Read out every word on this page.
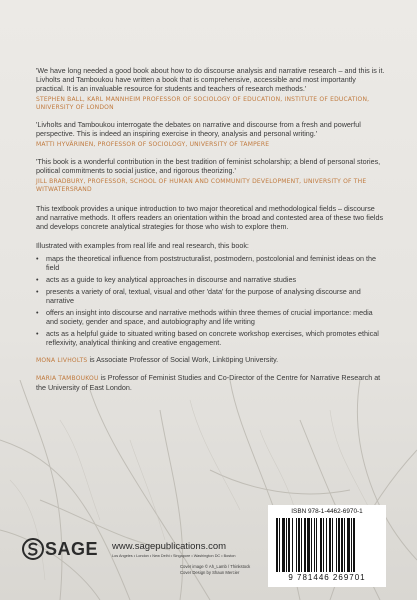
'We have long needed a good book about how to do discourse analysis and narrative research – and this is it. Livholts and Tamboukou have written a book that is comprehensive, accessible and most importantly practical. It is an invaluable resource for students and teachers of research methods.'

STEPHEN BALL, KARL MANNHEIM PROFESSOR OF SOCIOLOGY OF EDUCATION, INSTITUTE OF EDUCATION, UNIVERSITY OF LONDON

'Livholts and Tamboukou interrogate the debates on narrative and discourse from a fresh and powerful perspective. This is indeed an inspiring exercise in theory, analysis and personal writing.'

MATTI HYVÄRINEN, PROFESSOR OF SOCIOLOGY, UNIVERSITY OF TAMPERE

'This book is a wonderful contribution in the best tradition of feminist scholarship; a blend of personal stories, political commitments to social justice, and rigorous theorizing.'

JILL BRADBURY, PROFESSOR, SCHOOL OF HUMAN AND COMMUNITY DEVELOPMENT, UNIVERSITY OF THE WITWATERSRAND

This textbook provides a unique introduction to two major theoretical and methodological fields – discourse and narrative methods. It offers readers an orientation within the broad and contested area of these two fields and develops concrete analytical strategies for those who wish to explore them.

Illustrated with examples from real life and real research, this book:

• maps the theoretical influence from poststructuralist, postmodern, postcolonial and feminist ideas on the field
• acts as a guide to key analytical approaches in discourse and narrative studies
• presents a variety of oral, textual, visual and other 'data' for the purpose of analysing discourse and narrative
• offers an insight into discourse and narrative methods within three themes of crucial importance: media and society, gender and space, and autobiography and life writing
• acts as a helpful guide to situated writing based on concrete workshop exercises, which promotes ethical reflexivity, analytical thinking and creative engagement.

MONA LIVHOLTS is Associate Professor of Social Work, Linköping University.

MARIA TAMBOUKOU is Professor of Feminist Studies and Co-Director of the Centre for Narrative Research at the University of East London.

SAGE www.sagepublications.com
Los Angeles • London • New Delhi • Singapore • Washington DC • Boston
Cover image © Ah_Lamb / Thinkstock
Cover Design by Shaun Mercier
ISBN 978-1-4462-6970-1
9 781446 269701
